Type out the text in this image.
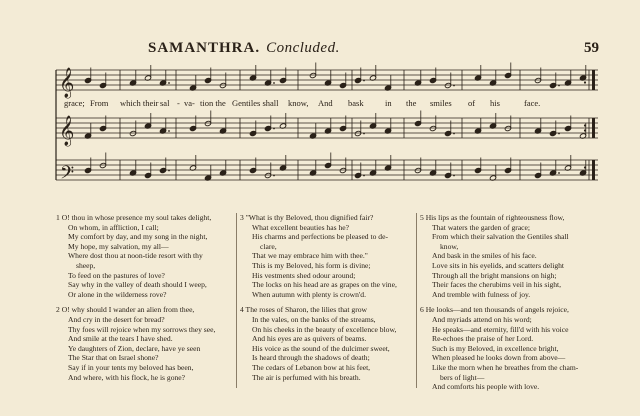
SAMANTHRA. Concluded.	59
𝄞
𝄞
𝄢
grace; From which their sal - va - tion the Gentiles shall know, And bask	in the smiles of his	face.
1 O! thou in whose presence my soul takes delight,
On whom, in affliction, I call;
My comfort by day, and my song in the night,
My hope, my salvation, my all—
Where dost thou at noon-tide resort with thy
sheep,
To feed on the pastures of love?
Say why in the valley of death should I weep,
Or alone in the wilderness rove?
2 O! why should I wander an alien from thee,
And cry in the desert for bread?
Thy foes will rejoice when my sorrows they see,
And smile at the tears I have shed.
Ye daughters of Zion, declare, have ye seen
The Star that on Israel shone?
Say if in your tents my beloved has been,
And where, with his flock, he is gone?
3 "What is thy Beloved, thou dignified fair?
What excellent beauties has he?
His charms and perfections be pleased to de-
clare,
That we may embrace him with thee."
This is my Beloved, his form is divine;
His vestments shed odour around;
The locks on his head are as grapes on the vine,
When autumn with plenty is crown'd.
4 The roses of Sharon, the lilies that grow
In the vales, on the banks of the streams,
On his cheeks in the beauty of excellence blow,
And his eyes are as quivers of beams.
His voice as the sound of the dulcimer sweet,
Is heard through the shadows of death;
The cedars of Lebanon bow at his feet,
The air is perfumed with his breath.
5 His lips as the fountain of righteousness flow,
That waters the garden of grace;
From which their salvation the Gentiles shall
know,
And bask in the smiles of his face.
Love sits in his eyelids, and scatters delight
Through all the bright mansions on high;
Their faces the cherubims veil in his sight,
And tremble with fulness of joy.
6 He looks—and ten thousands of angels rejoice,
And myriads attend on his word;
He speaks—and eternity, fill'd with his voice
Re-echoes the praise of her Lord.
Such is my Beloved, in excellence bright,
When pleased he looks down from above—
Like the morn when he breathes from the cham-
bers of light—
And comforts his people with love.
